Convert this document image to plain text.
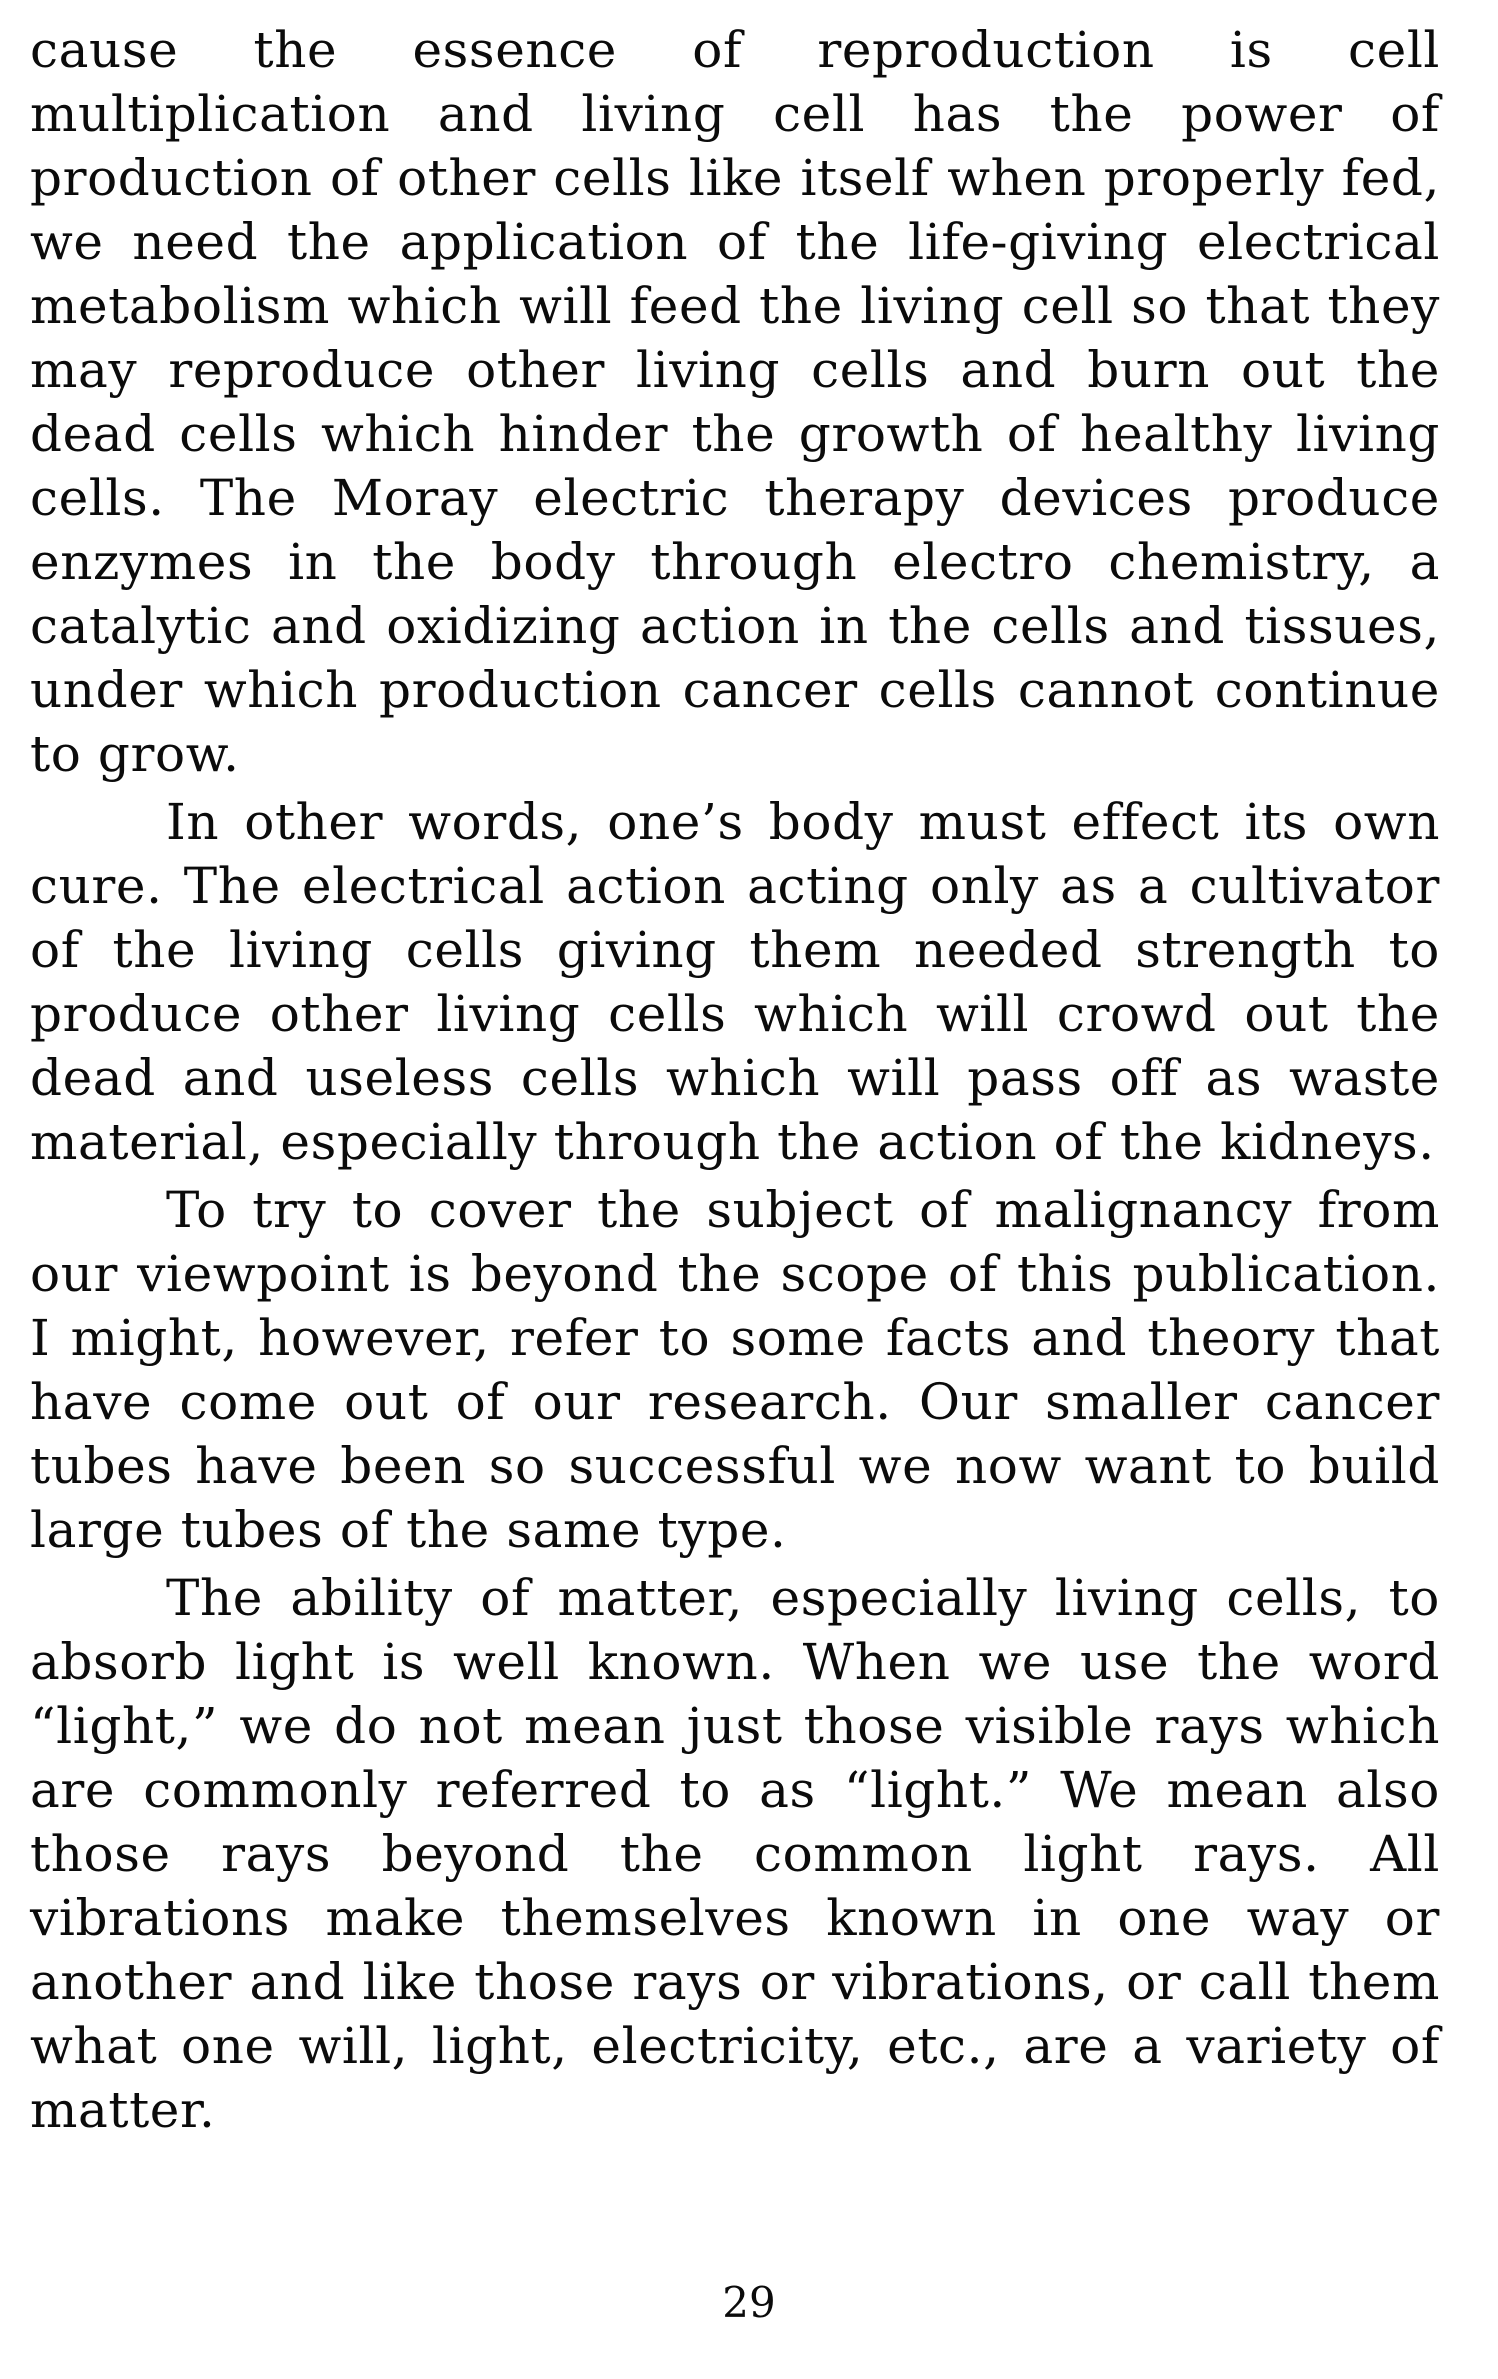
cause the essence of reproduction is cell multiplication and living cell has the power of production of other cells like itself when properly fed, we need the application of the life-giving electrical metabolism which will feed the living cell so that they may reproduce other living cells and burn out the dead cells which hinder the growth of healthy living cells. The Moray electric therapy devices produce enzymes in the body through electro chemistry, a catalytic and oxidizing action in the cells and tissues, under which production cancer cells cannot continue to grow.

In other words, one’s body must effect its own cure. The electrical action acting only as a cultivator of the living cells giving them needed strength to produce other living cells which will crowd out the dead and useless cells which will pass off as waste material, especially through the action of the kidneys.

To try to cover the subject of malignancy from our viewpoint is beyond the scope of this publication. I might, however, refer to some facts and theory that have come out of our research. Our smaller cancer tubes have been so successful we now want to build large tubes of the same type.

The ability of matter, especially living cells, to absorb light is well known. When we use the word “light,” we do not mean just those visible rays which are commonly referred to as “light.” We mean also those rays beyond the common light rays. All vibrations make themselves known in one way or another and like those rays or vibrations, or call them what one will, light, electricity, etc., are a variety of matter.

29
